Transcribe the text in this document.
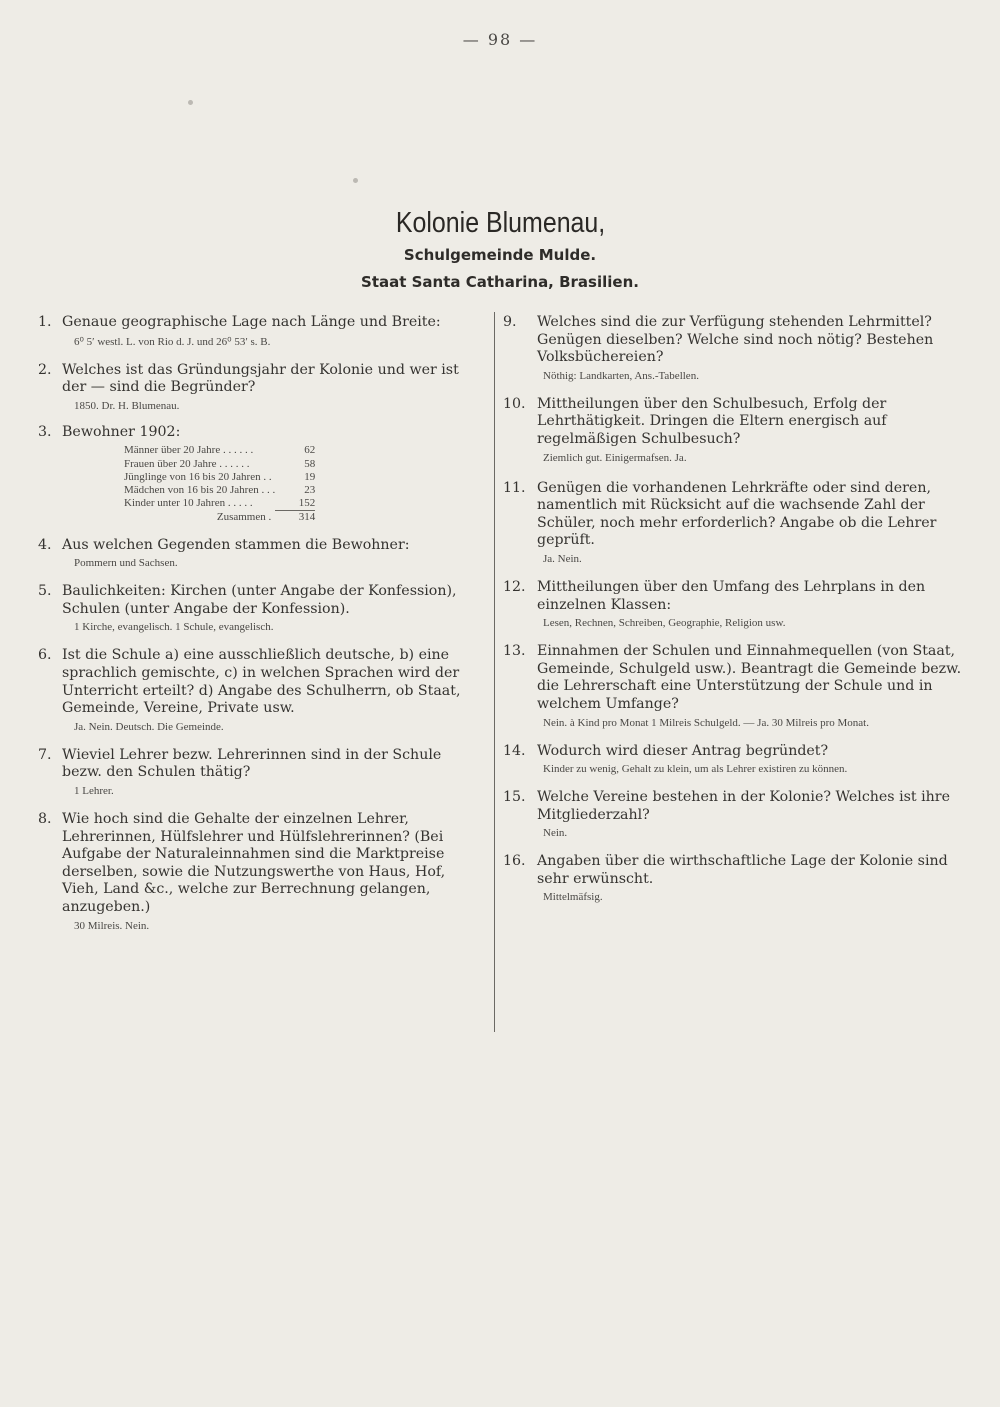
— 98 —
Kolonie Blumenau,
Schulgemeinde Mulde.
Staat Santa Catharina, Brasilien.
1. Genaue geographische Lage nach Länge und Breite:
6⁰ 5′ westl. L. von Rio d. J. und 26⁰ 53′ s. B.
2. Welches ist das Gründungsjahr der Kolonie und wer ist der — sind die Begründer?
1850. Dr. H. Blumenau.
3. Bewohner 1902:
Männer über 20 Jahre . . . . . .	62
Frauen über 20 Jahre . . . . . .	58
Jünglinge von 16 bis 20 Jahren . .	19
Mädchen von 16 bis 20 Jahren . . .	23
Kinder unter 10 Jahren . . . . .	152
Zusammen .	314
4. Aus welchen Gegenden stammen die Bewohner:
Pommern und Sachsen.
5. Baulichkeiten: Kirchen (unter Angabe der Konfession), Schulen (unter Angabe der Konfession).
1 Kirche, evangelisch. 1 Schule, evangelisch.
6. Ist die Schule a) eine ausschließlich deutsche, b) eine sprachlich gemischte, c) in welchen Sprachen wird der Unterricht erteilt? d) Angabe des Schulherrn, ob Staat, Gemeinde, Vereine, Private usw.
Ja. Nein. Deutsch. Die Gemeinde.
7. Wieviel Lehrer bezw. Lehrerinnen sind in der Schule bezw. den Schulen thätig?
1 Lehrer.
8. Wie hoch sind die Gehalte der einzelnen Lehrer, Lehrerinnen, Hülfslehrer und Hülfslehrerinnen? (Bei Aufgabe der Naturaleinnahmen sind die Marktpreise derselben, sowie die Nutzungswerthe von Haus, Hof, Vieh, Land &c., welche zur Berrechnung gelangen, anzugeben.)
30 Milreis. Nein.
9. Welches sind die zur Verfügung stehenden Lehrmittel? Genügen dieselben? Welche sind noch nötig? Bestehen Volksbüchereien?
Nöthig: Landkarten, Ans.-Tabellen.
10. Mittheilungen über den Schulbesuch, Erfolg der Lehrthätigkeit. Dringen die Eltern energisch auf regelmäßigen Schulbesuch?
Ziemlich gut. Einigermafsen. Ja.
11. Genügen die vorhandenen Lehrkräfte oder sind deren, namentlich mit Rücksicht auf die wachsende Zahl der Schüler, noch mehr erforderlich? Angabe ob die Lehrer geprüft.
Ja. Nein.
12. Mittheilungen über den Umfang des Lehrplans in den einzelnen Klassen:
Lesen, Rechnen, Schreiben, Geographie, Religion usw.
13. Einnahmen der Schulen und Einnahmequellen (von Staat, Gemeinde, Schulgeld usw.). Beantragt die Gemeinde bezw. die Lehrerschaft eine Unterstützung der Schule und in welchem Umfange?
Nein. à Kind pro Monat 1 Milreis Schulgeld. — Ja. 30 Milreis pro Monat.
14. Wodurch wird dieser Antrag begründet?
Kinder zu wenig, Gehalt zu klein, um als Lehrer existiren zu können.
15. Welche Vereine bestehen in der Kolonie? Welches ist ihre Mitgliederzahl?
Nein.
16. Angaben über die wirthschaftliche Lage der Kolonie sind sehr erwünscht.
Mittelmäfsig.
